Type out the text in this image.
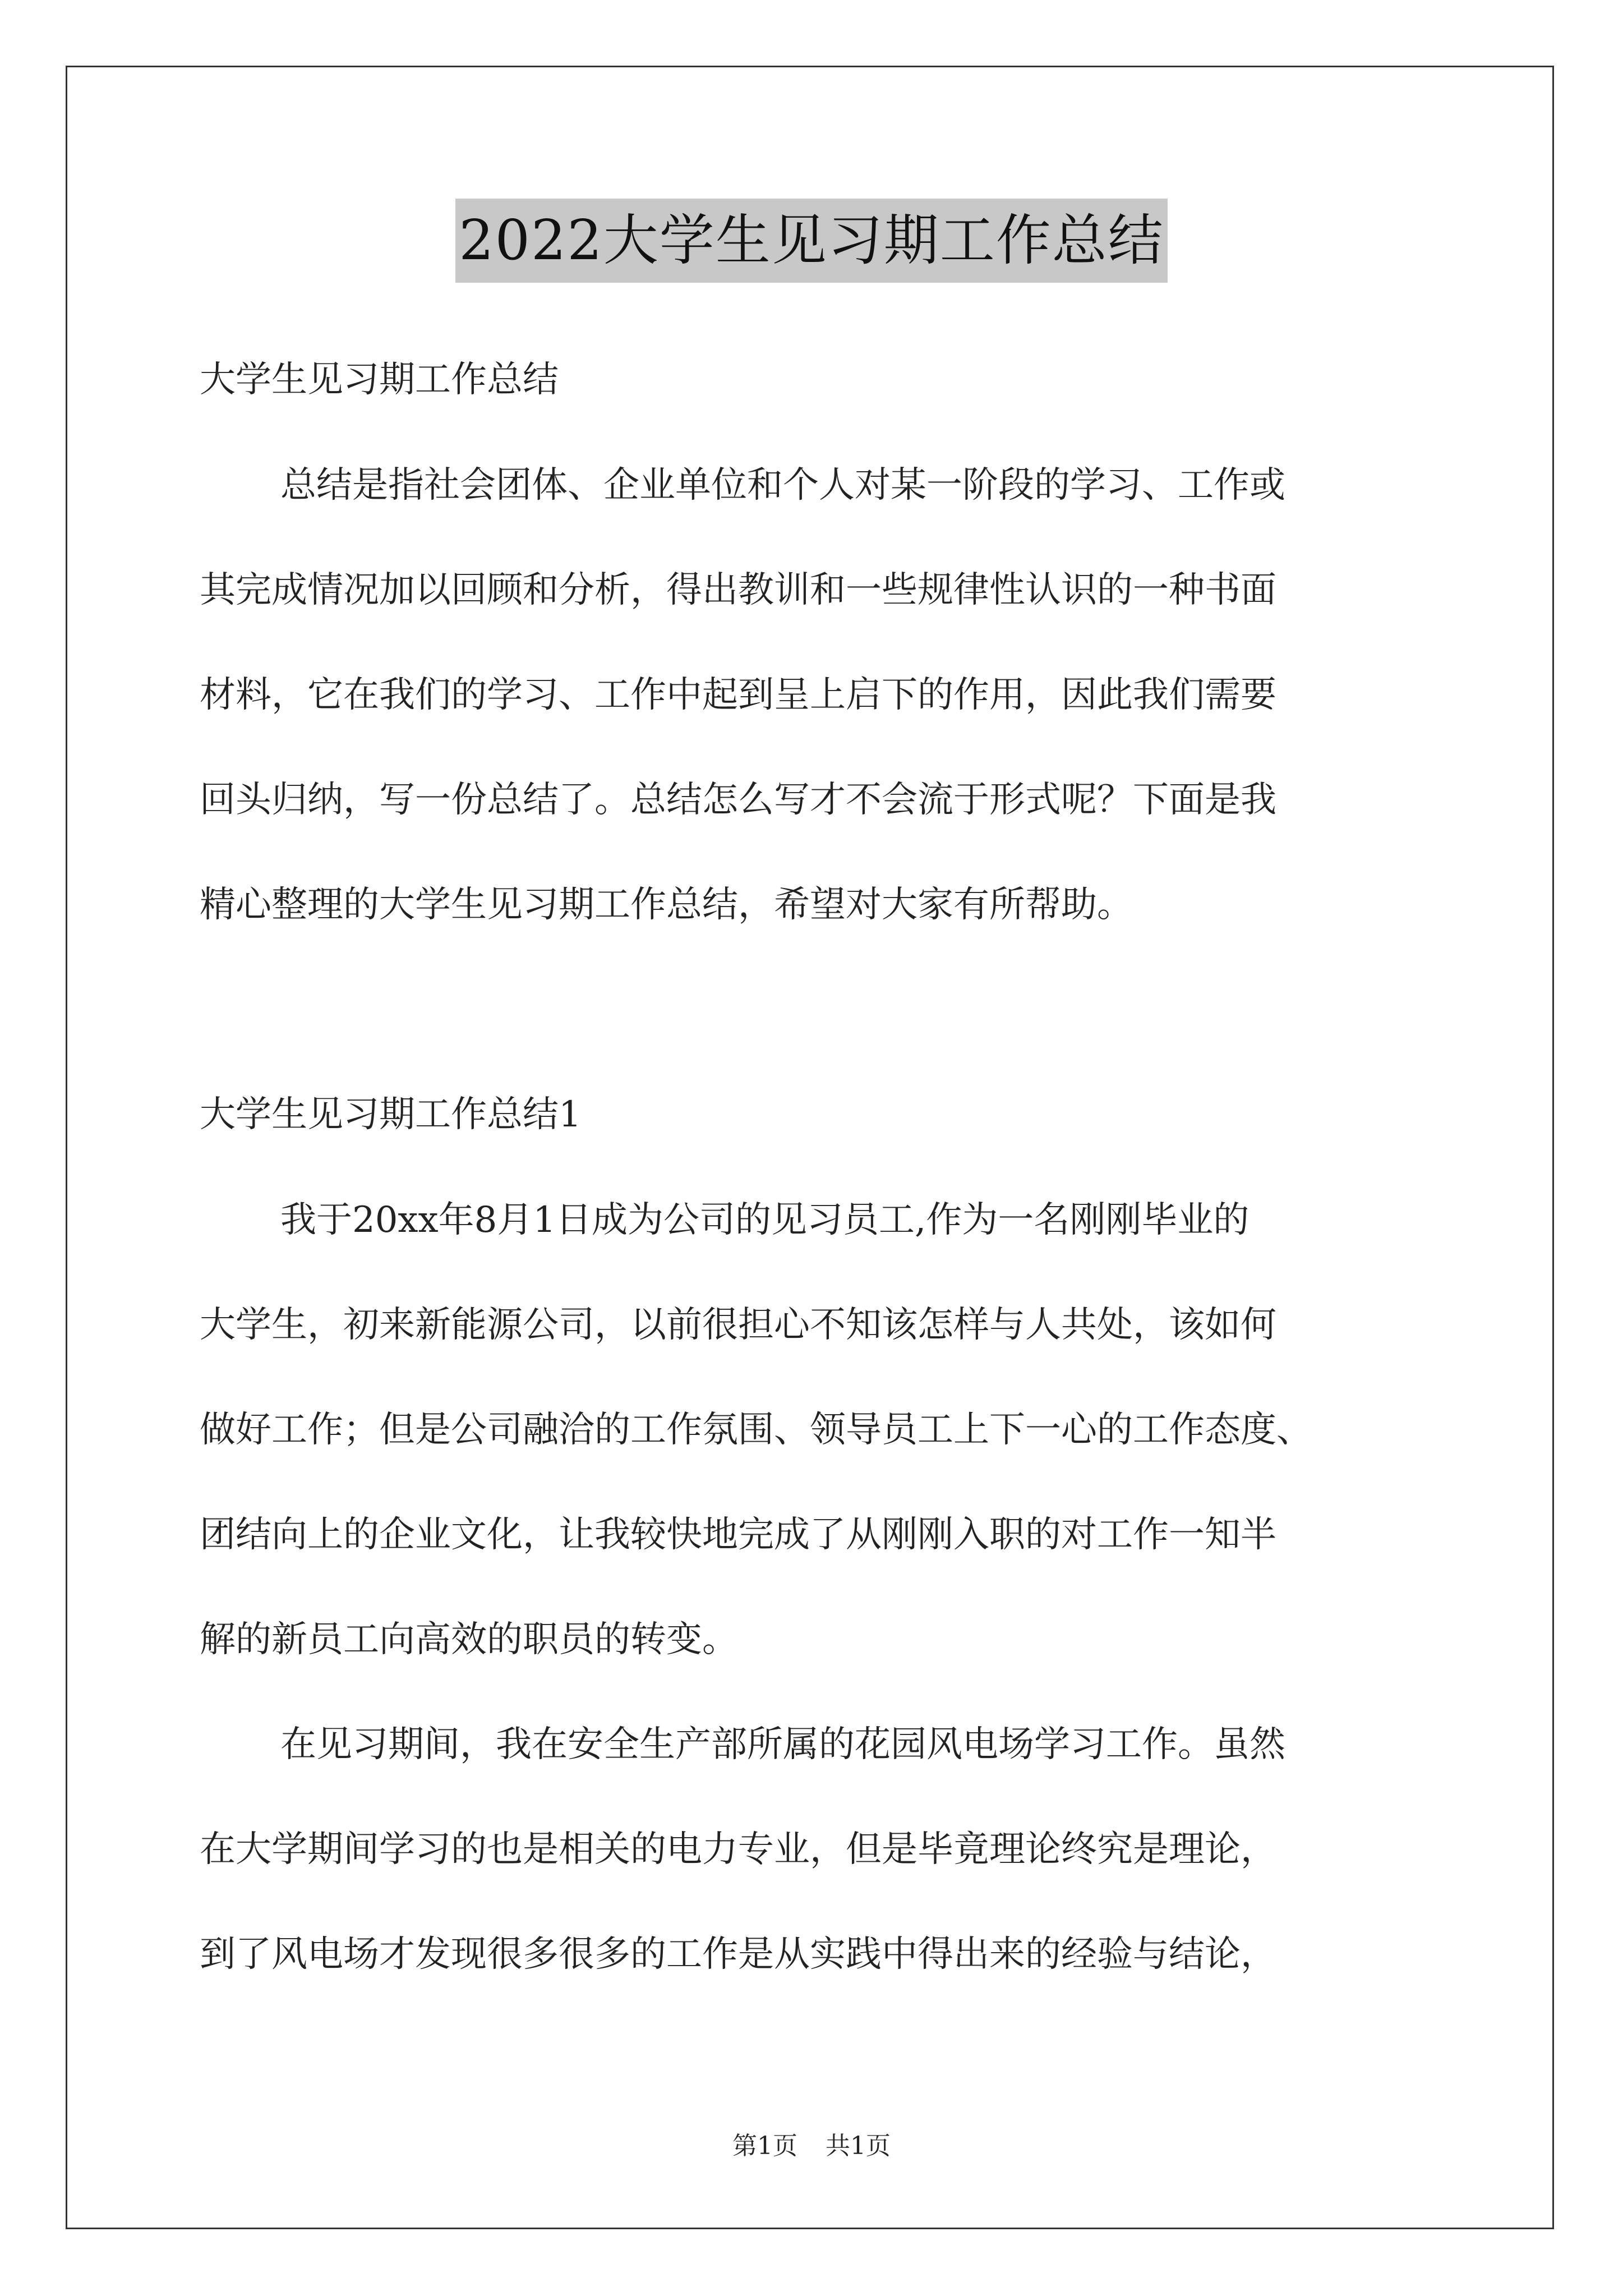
2022大学生见习期工作总结
大学生见习期工作总结
总结是指社会团体、企业单位和个人对某一阶段的学习、工作或
其完成情况加以回顾和分析，得出教训和一些规律性认识的一种书面
材料，它在我们的学习、工作中起到呈上启下的作用，因此我们需要
回头归纳，写一份总结了。总结怎么写才不会流于形式呢？下面是我
精心整理的大学生见习期工作总结，希望对大家有所帮助。
大学生见习期工作总结1
我于20xx年8月1日成为公司的见习员工,作为一名刚刚毕业的
大学生，初来新能源公司，以前很担心不知该怎样与人共处，该如何
做好工作；但是公司融洽的工作氛围、领导员工上下一心的工作态度、
团结向上的企业文化，让我较快地完成了从刚刚入职的对工作一知半
解的新员工向高效的职员的转变。
在见习期间，我在安全生产部所属的花园风电场学习工作。虽然
在大学期间学习的也是相关的电力专业，但是毕竟理论终究是理论，
到了风电场才发现很多很多的工作是从实践中得出来的经验与结论，
第1页 共1页
